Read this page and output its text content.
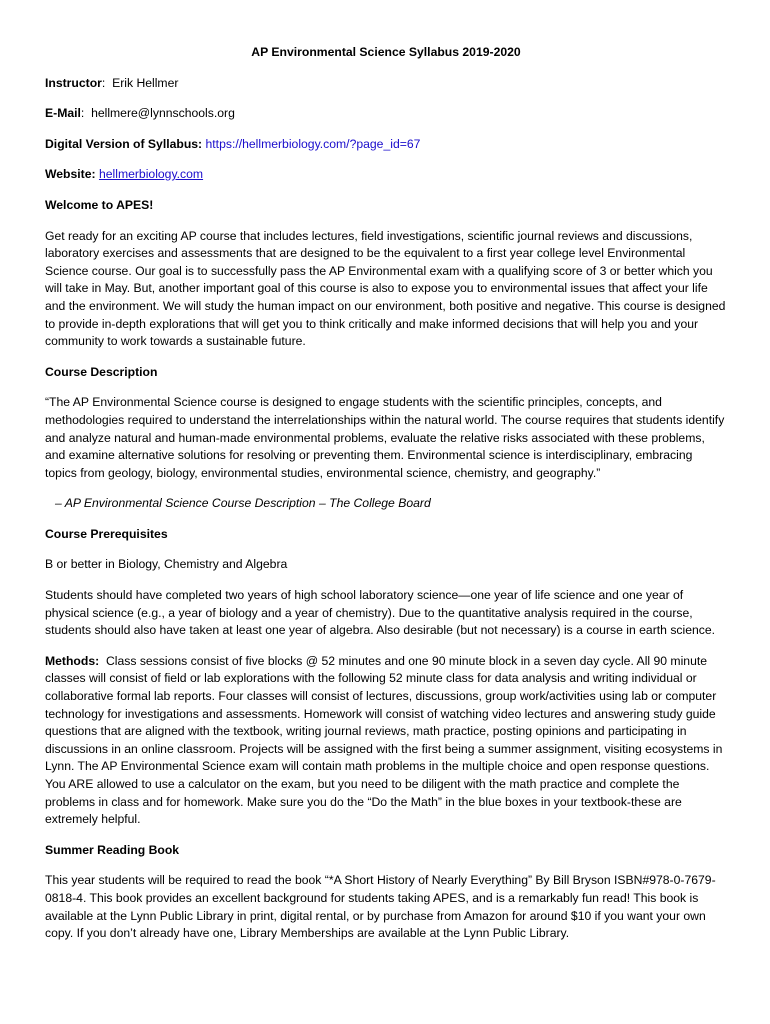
AP Environmental Science Syllabus 2019-2020
Instructor:  Erik Hellmer
E-Mail:  hellmere@lynnschools.org
Digital Version of Syllabus: https://hellmerbiology.com/?page_id=67
Website: hellmerbiology.com
Welcome to APES!
Get ready for an exciting AP course that includes lectures, field investigations, scientific journal reviews and discussions, laboratory exercises and assessments that are designed to be the equivalent to a first year college level Environmental Science course. Our goal is to successfully pass the AP Environmental exam with a qualifying score of 3 or better which you will take in May. But, another important goal of this course is also to expose you to environmental issues that affect your life and the environment. We will study the human impact on our environment, both positive and negative. This course is designed to provide in-depth explorations that will get you to think critically and make informed decisions that will help you and your community to work towards a sustainable future.
Course Description
“The AP Environmental Science course is designed to engage students with the scientific principles, concepts, and methodologies required to understand the interrelationships within the natural world. The course requires that students identify and analyze natural and human-made environmental problems, evaluate the relative risks associated with these problems, and examine alternative solutions for resolving or preventing them. Environmental science is interdisciplinary, embracing topics from geology, biology, environmental studies, environmental science, chemistry, and geography.”
– AP Environmental Science Course Description – The College Board
Course Prerequisites
B or better in Biology, Chemistry and Algebra
Students should have completed two years of high school laboratory science—one year of life science and one year of physical science (e.g., a year of biology and a year of chemistry). Due to the quantitative analysis required in the course, students should also have taken at least one year of algebra. Also desirable (but not necessary) is a course in earth science.
Methods: Class sessions consist of five blocks @ 52 minutes and one 90 minute block in a seven day cycle. All 90 minute classes will consist of field or lab explorations with the following 52 minute class for data analysis and writing individual or collaborative formal lab reports. Four classes will consist of lectures, discussions, group work/activities using lab or computer technology for investigations and assessments. Homework will consist of watching video lectures and answering study guide questions that are aligned with the textbook, writing journal reviews, math practice, posting opinions and participating in discussions in an online classroom. Projects will be assigned with the first being a summer assignment, visiting ecosystems in Lynn. The AP Environmental Science exam will contain math problems in the multiple choice and open response questions. You ARE allowed to use a calculator on the exam, but you need to be diligent with the math practice and complete the problems in class and for homework. Make sure you do the “Do the Math” in the blue boxes in your textbook-these are extremely helpful.
Summer Reading Book
This year students will be required to read the book “*A Short History of Nearly Everything” By Bill Bryson ISBN#978-0-7679-0818-4. This book provides an excellent background for students taking APES, and is a remarkably fun read! This book is available at the Lynn Public Library in print, digital rental, or by purchase from Amazon for around $10 if you want your own copy. If you don’t already have one, Library Memberships are available at the Lynn Public Library.
